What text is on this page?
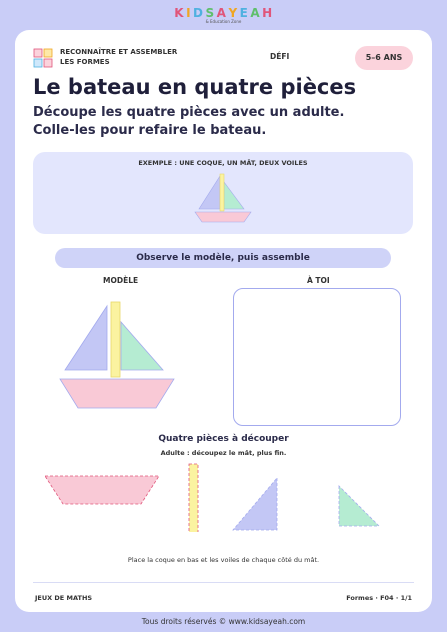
K I D S A Y E A H
& Education Zone
RECONNAÎTRE ET ASSEMBLER
LES FORMES
DÉFI	5–6 ANS
Le bateau en quatre pièces
Découpe les quatre pièces avec un adulte.
Colle-les pour refaire le bateau.
EXEMPLE : UNE COQUE, UN MÂT, DEUX VOILES
Observe le modèle, puis assemble
MODÈLE	À TOI
Quatre pièces à découper
Adulte : découpez le mât, plus fin.
Place la coque en bas et les voiles de chaque côté du mât.
JEUX DE MATHS	Formes · F04 · 1/1
Tous droits réservés © www.kidsayeah.com
